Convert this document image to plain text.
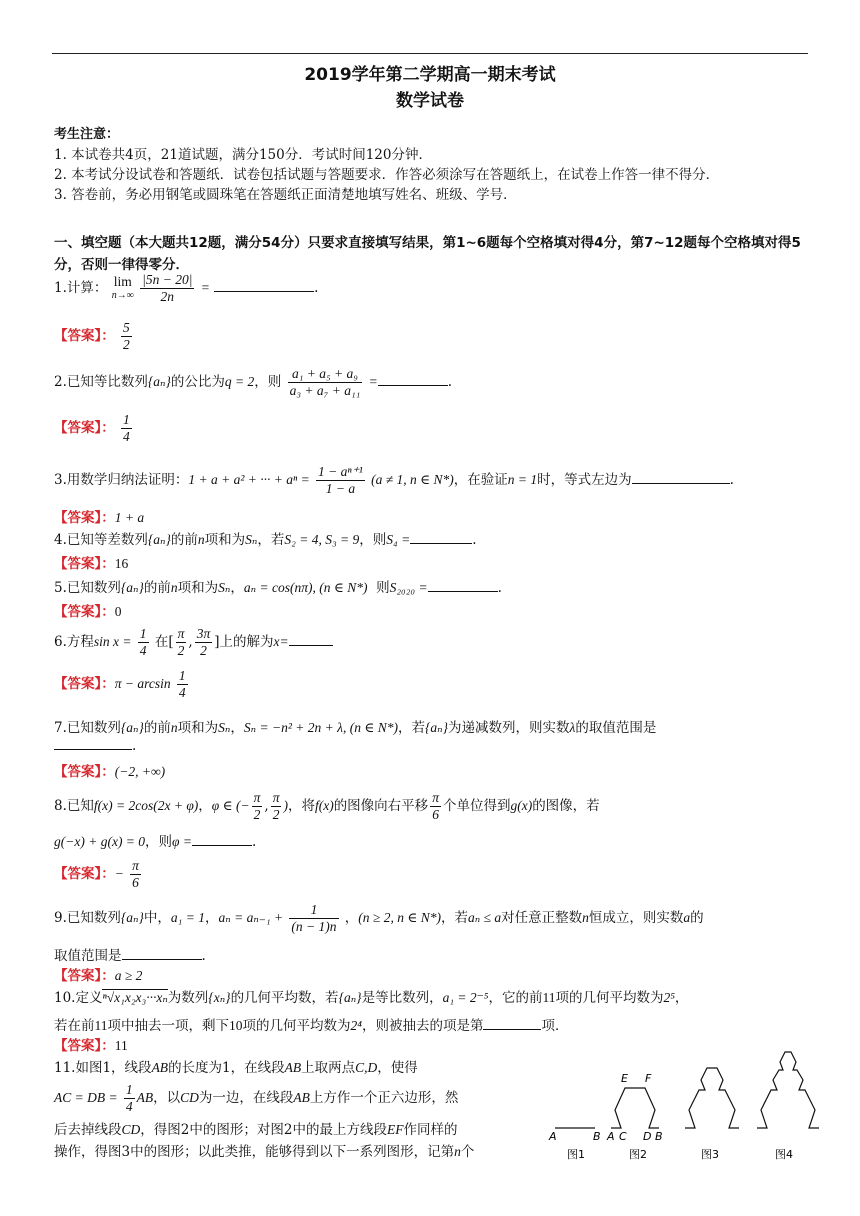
2019学年第二学期高一期末考试
数学试卷
考生注意：
1. 本试卷共4页，21道试题，满分150分．考试时间120分钟．
2. 本考试分设试卷和答题纸．试卷包括试题与答题要求．作答必须涂写在答题纸上，在试卷上作答一律不得分．
3. 答卷前，务必用钢笔或圆珠笔在答题纸正面清楚地填写姓名、班级、学号．
一、填空题（本大题共12题，满分54分）只要求直接填写结果，第1~6题每个空格填对得4分，第7~12题每个空格填对得5分，否则一律得零分．
1.计算： lim
n→∞
$\frac{|5n - 20|}{2n}$ =	.
【答案】： $\frac{5}{2}$
2.已知等比数列{aₙ}的公比为q = 2，则 $\frac{\text{a₁ + a₅ + a₉}}{\text{a₃ + a₇ + a₁₁}}$ =	.
【答案】： $\frac{1}{4}$
3.用数学归纳法证明：1 + a + a² + ··· + $a^n = \frac{\text{1 − aⁿ⁺¹}}{1 - a} (a \ne 1$, n ∈ N*)，在验证n = 1时，等式左边为	.
【答案】：1 + a
4.已知等差数列{aₙ}的前n项和为Sₙ，若S₂ = 4, S₃ = 9，则S₄ =	.
【答案】：16
5.已知数列{aₙ}的前n项和为Sₙ，aₙ = cos(nπ), (n ∈ N*) 则S₂₀₂₀ =	.
【答案】：0
6.方程$\sin x = \frac{1}{4}$ 在[ $\frac{\pi}{2}$ , $\frac{3\pi}{2}$ ]上的解为x=
【答案】：$\pi - \arcsin \frac{1}{4}$
7.已知数列{aₙ}的前n项和为Sₙ，Sₙ = −n² + 2n + λ, (n ∈ N*)，若{aₙ}为递减数列，则实数λ的取值范围是
.
【答案】：(−2, +∞)
8.已知f(x) = 2cos(2x + φ)，φ ∈ (− $\frac{\pi}{2}$ , $\frac{\pi}{2}$ )，将f(x)的图像向右平移 $\frac{\pi}{6}$ 个单位得到g(x)的图像，若
g(−x) + g(x) = 0，则φ =	.
【答案】：− $\frac{\pi}{6}$
9.已知数列{aₙ}中，a₁ = 1，$a_n = a_{n-1} + \frac{1}{(n - 1)n}$ ，(n ≥ 2, n ∈ N*)，若aₙ ≤ a对任意正整数n恒成立，则实数a的
取值范围是	.
【答案】：a ≥ 2
10.定义ⁿ√x₁x₂x₃···xₙ为数列{xₙ}的几何平均数，若{aₙ}是等比数列，a₁ = 2⁻⁵，它的前11项的几何平均数为2⁵，
若在前11项中抽去一项，剩下10项的几何平均数为2⁴，则被抽去的项是第	项．
【答案】：11
11.如图1，线段AB的长度为1，在线段AB上取两点C,D，使得
AC = DB = $\frac{1}{4}$ AB，以CD为一边，在线段AB上方作一个正六边形，然
后去掉线段CD，得图2中的图形；对图2中的最上方线段EF作同样的
操作，得图3中的图形；以此类推，能够得到以下一系列图形，记第n个
A	B
图1
A C D B
E F
图2	图3	图4
